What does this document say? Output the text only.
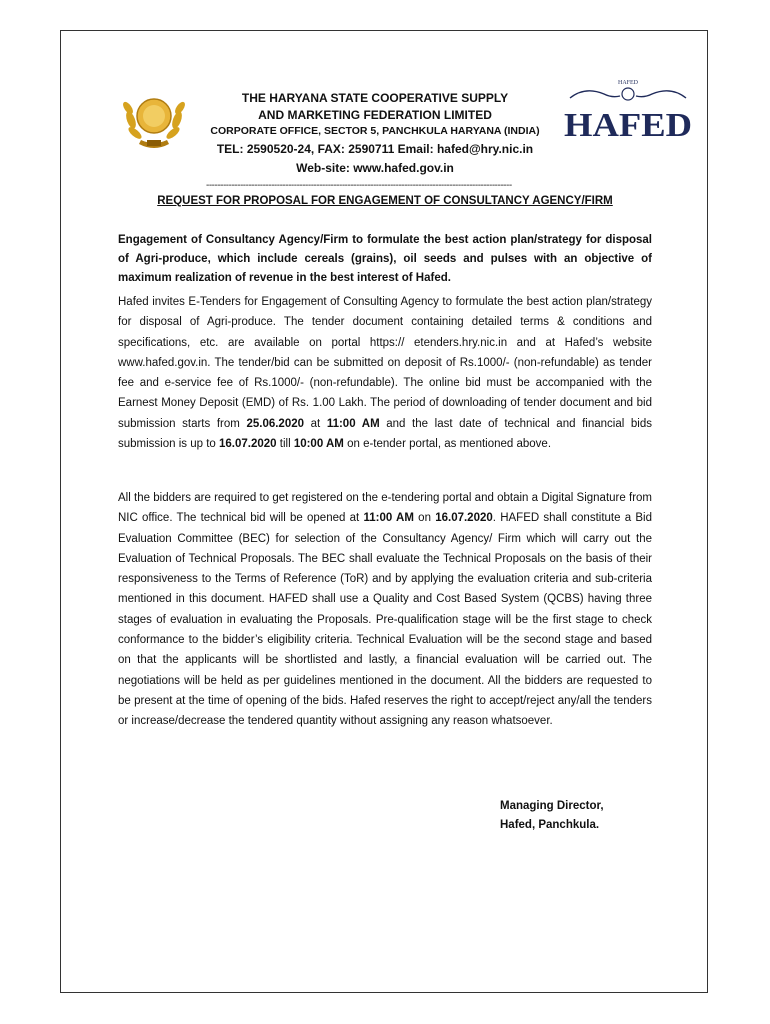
HAFED
HAFED

THE HARYANA STATE COOPERATIVE SUPPLY
AND MARKETING FEDERATION LIMITED

CORPORATE OFFICE, SECTOR 5, PANCHKULA HARYANA (INDIA)

TEL: 2590520-24, FAX: 2590711 Email: hafed@hry.nic.in

Web-site: www.hafed.gov.in

------------------------------------------------------------------------------------------------------------

REQUEST FOR PROPOSAL FOR ENGAGEMENT OF CONSULTANCY AGENCY/FIRM

Engagement of Consultancy Agency/Firm to formulate the best action plan/strategy for disposal of Agri-produce, which include cereals (grains), oil seeds and pulses with an objective of maximum realization of revenue in the best interest of Hafed.

Hafed invites E-Tenders for Engagement of Consulting Agency to formulate the best action plan/strategy for disposal of Agri-produce. The tender document containing detailed terms & conditions and specifications, etc. are available on portal https:// etenders.hry.nic.in and at Hafed’s website www.hafed.gov.in. The tender/bid can be submitted on deposit of Rs.1000/- (non-refundable) as tender fee and e-service fee of Rs.1000/- (non-refundable). The online bid must be accompanied with the Earnest Money Deposit (EMD) of Rs. 1.00 Lakh. The period of downloading of tender document and bid submission starts from 25.06.2020 at 11:00 AM and the last date of technical and financial bids submission is up to 16.07.2020 till 10:00 AM on e-tender portal, as mentioned above.

All the bidders are required to get registered on the e-tendering portal and obtain a Digital Signature from NIC office. The technical bid will be opened at 11:00 AM on 16.07.2020. HAFED shall constitute a Bid Evaluation Committee (BEC) for selection of the Consultancy Agency/ Firm which will carry out the Evaluation of Technical Proposals. The BEC shall evaluate the Technical Proposals on the basis of their responsiveness to the Terms of Reference (ToR) and by applying the evaluation criteria and sub-criteria mentioned in this document. HAFED shall use a Quality and Cost Based System (QCBS) having three stages of evaluation in evaluating the Proposals. Pre-qualification stage will be the first stage to check conformance to the bidder’s eligibility criteria. Technical Evaluation will be the second stage and based on that the applicants will be shortlisted and lastly, a financial evaluation will be carried out. The negotiations will be held as per guidelines mentioned in the document. All the bidders are requested to be present at the time of opening of the bids. Hafed reserves the right to accept/reject any/all the tenders or increase/decrease the tendered quantity without assigning any reason whatsoever.

Managing Director,
Hafed, Panchkula.
